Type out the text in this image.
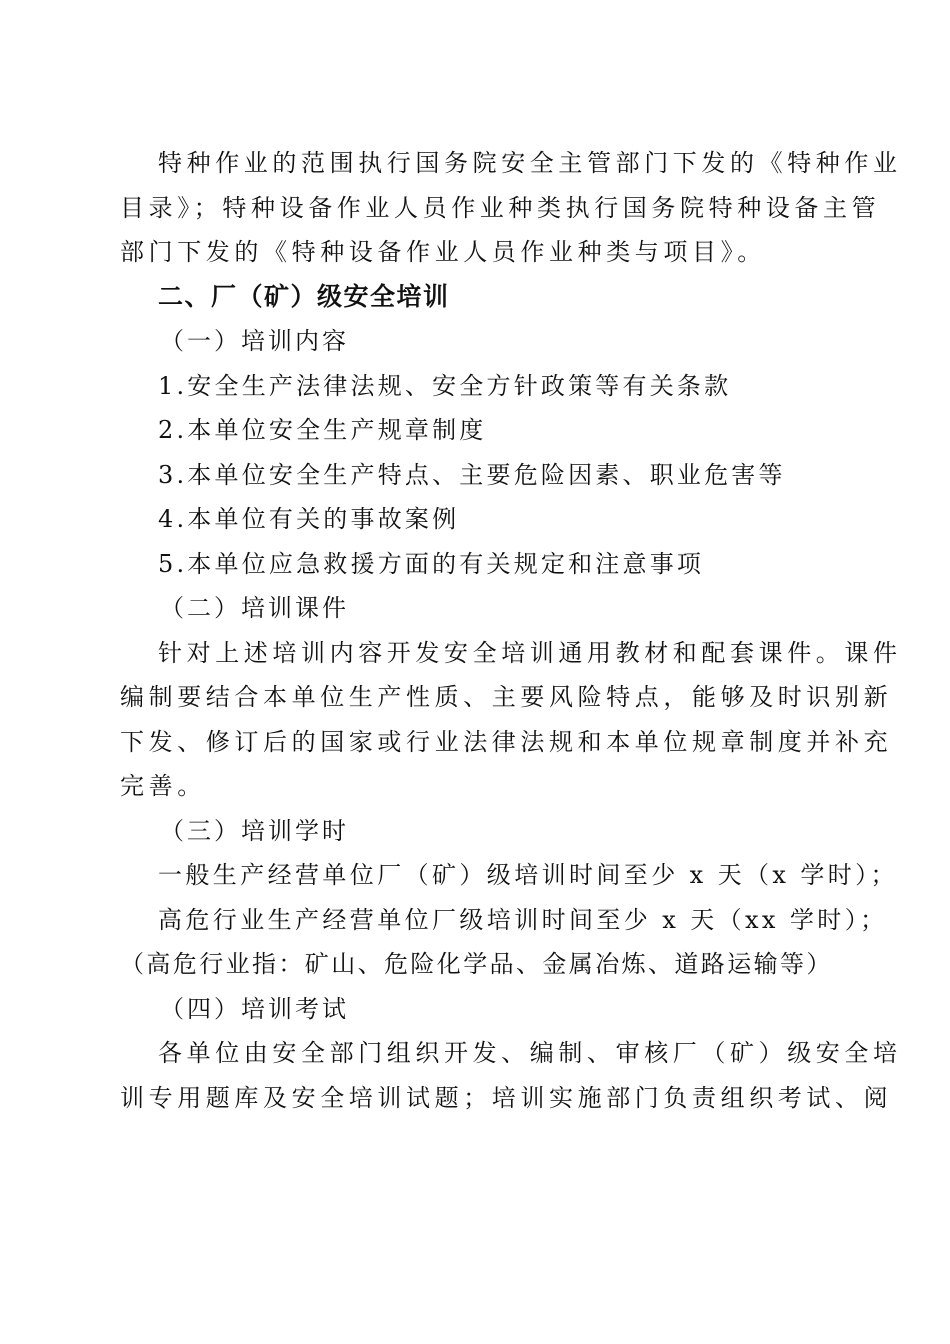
特种作业的范围执行国务院安全主管部门下发的《特种作业
目录》；特种设备作业人员作业种类执行国务院特种设备主管
部门下发的《特种设备作业人员作业种类与项目》。
二、厂（矿）级安全培训
（一）培训内容
1.安全生产法律法规、安全方针政策等有关条款
2.本单位安全生产规章制度
3.本单位安全生产特点、主要危险因素、职业危害等
4.本单位有关的事故案例
5.本单位应急救援方面的有关规定和注意事项
（二）培训课件
针对上述培训内容开发安全培训通用教材和配套课件。课件
编制要结合本单位生产性质、主要风险特点，能够及时识别新
下发、修订后的国家或行业法律法规和本单位规章制度并补充
完善。
（三）培训学时
一般生产经营单位厂（矿）级培训时间至少 x 天（x 学时）；
高危行业生产经营单位厂级培训时间至少 x 天（xx 学时）；
（高危行业指：矿山、危险化学品、金属冶炼、道路运输等）
（四）培训考试
各单位由安全部门组织开发、编制、审核厂（矿）级安全培
训专用题库及安全培训试题；培训实施部门负责组织考试、阅
